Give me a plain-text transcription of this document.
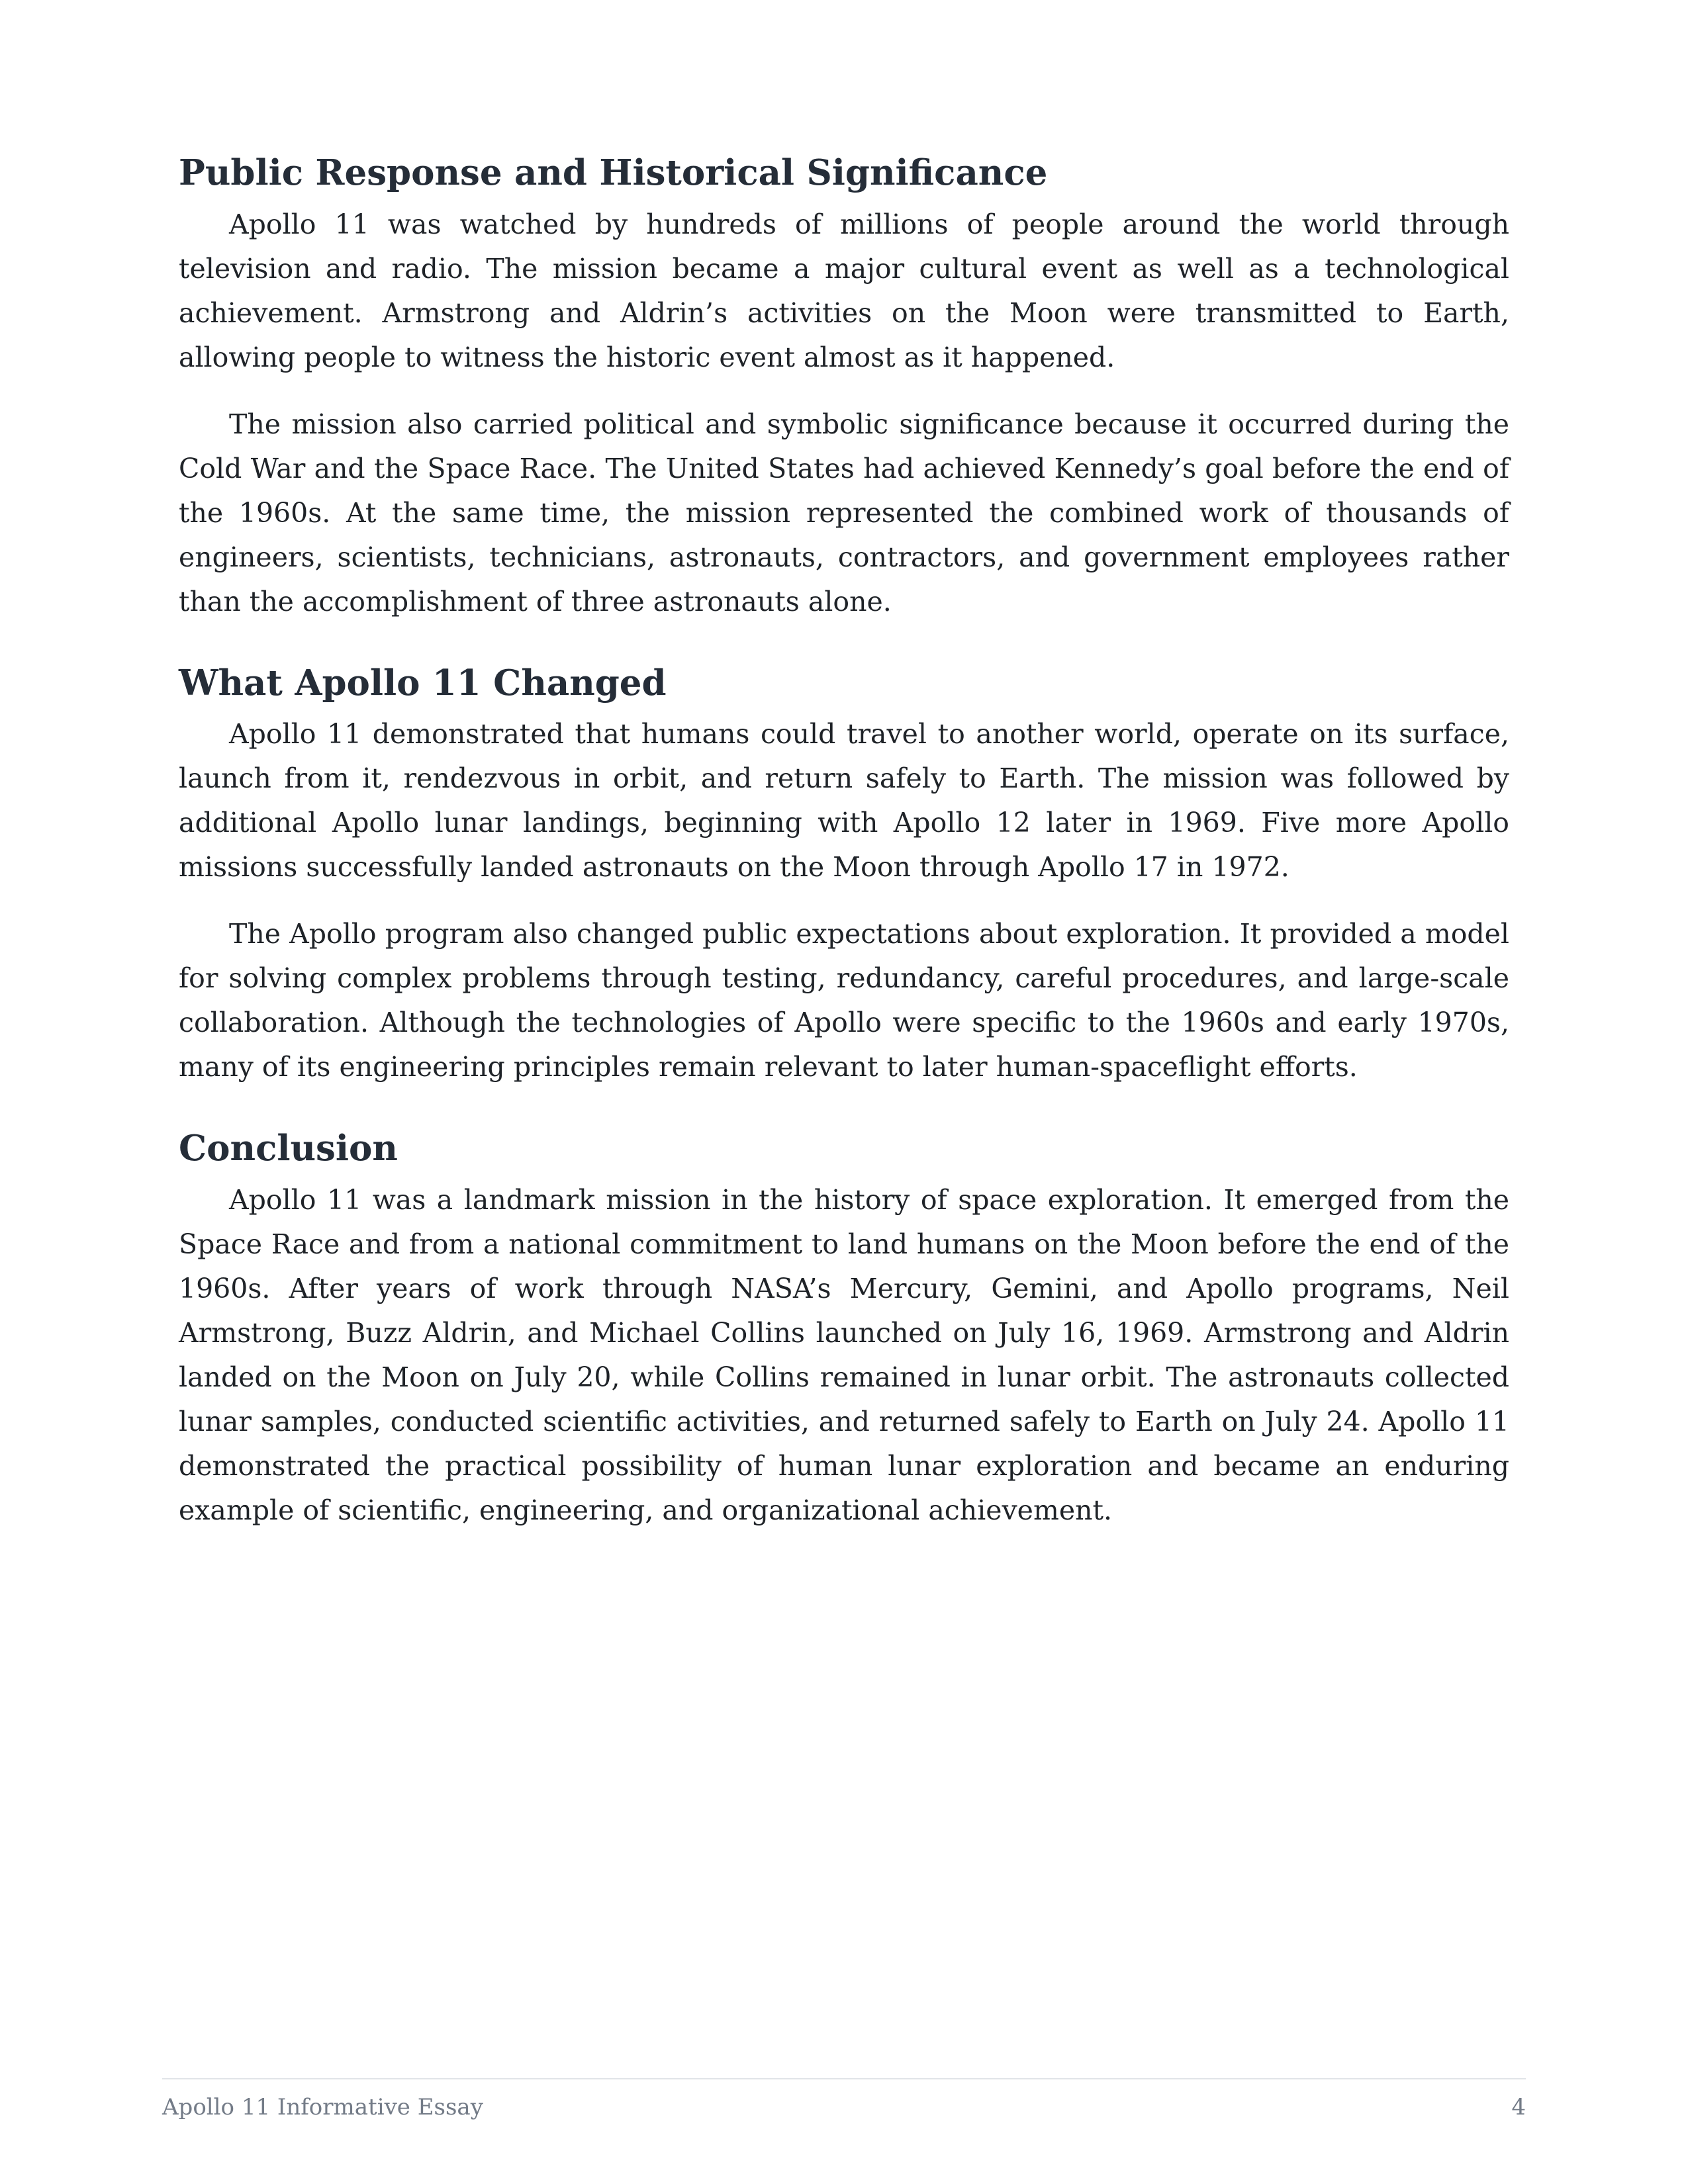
Public Response and Historical Significance

Apollo 11 was watched by hundreds of millions of people around the world through television and radio. The mission became a major cultural event as well as a technological achievement. Armstrong and Aldrin’s activities on the Moon were transmitted to Earth, allowing people to witness the historic event almost as it happened.

The mission also carried political and symbolic significance because it occurred during the Cold War and the Space Race. The United States had achieved Kennedy’s goal before the end of the 1960s. At the same time, the mission represented the combined work of thousands of engineers, scientists, technicians, astronauts, contractors, and government employees rather than the accomplishment of three astronauts alone.

What Apollo 11 Changed

Apollo 11 demonstrated that humans could travel to another world, operate on its surface, launch from it, rendezvous in orbit, and return safely to Earth. The mission was followed by additional Apollo lunar landings, beginning with Apollo 12 later in 1969. Five more Apollo missions successfully landed astronauts on the Moon through Apollo 17 in 1972.

The Apollo program also changed public expectations about exploration. It provided a model for solving complex problems through testing, redundancy, careful procedures, and large-scale collaboration. Although the technologies of Apollo were specific to the 1960s and early 1970s, many of its engineering principles remain relevant to later human-spaceflight efforts.

Conclusion

Apollo 11 was a landmark mission in the history of space exploration. It emerged from the Space Race and from a national commitment to land humans on the Moon before the end of the 1960s. After years of work through NASA’s Mercury, Gemini, and Apollo programs, Neil Armstrong, Buzz Aldrin, and Michael Collins launched on July 16, 1969. Armstrong and Aldrin landed on the Moon on July 20, while Collins remained in lunar orbit. The astronauts collected lunar samples, conducted scientific activities, and returned safely to Earth on July 24. Apollo 11 demonstrated the practical possibility of human lunar exploration and became an enduring example of scientific, engineering, and organizational achievement.

Apollo 11 Informative Essay	4
